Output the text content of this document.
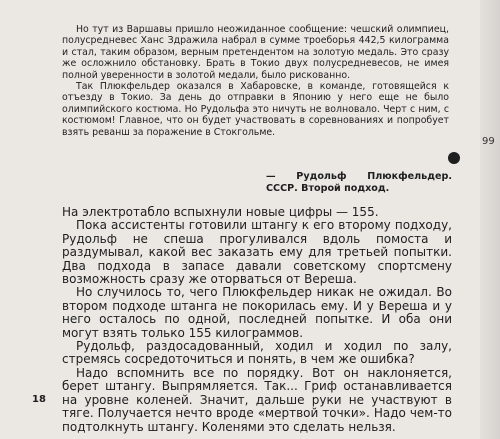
Но тут из Варшавы пришло неожиданное сообщение: чешский олимпиец, полусредневес Ханс Здражила набрал в сумме троеборья 442,5 килограмма и стал, таким образом, верным претендентом на золотую медаль. Это сразу же осложнило обстановку. Брать в Токио двух полусредневесов, не имея полной уверенности в золотой медали, было рискованно.

Так Плюкфельдер оказался в Хабаровске, в команде, готовящейся к отъезду в Токио. За день до отправки в Японию у него еще не было олимпийского костюма. Но Рудольфа это ничуть не волновало. Черт с ним, с костюмом! Главное, что он будет участвовать в соревнованиях и попробует взять реванш за поражение в Стокгольме.

99
— Рудольф Плюкфельдер. СССР. Второй подход.

На электротабло вспыхнули новые цифры — 155.

Пока ассистенты готовили штангу к его второму подходу, Рудольф не спеша прогуливался вдоль помоста и раздумывал, какой вес заказать ему для третьей попытки. Два подхода в запасе давали советскому спортсмену возможность сразу же оторваться от Вереша.

Но случилось то, чего Плюкфельдер никак не ожидал. Во втором подходе штанга не покорилась ему. И у Вереша и у него осталось по одной, последней попытке. И оба они могут взять только 155 килограммов.

Рудольф, раздосадованный, ходил и ходил по залу, стремясь сосредоточиться и понять, в чем же ошибка?

Надо вспомнить все по порядку. Вот он наклоняется, берет штангу. Выпрямляется. Так... Гриф останавливается на уровне коленей. Значит, дальше руки не участвуют в тяге. Получается нечто вроде «мертвой точки». Надо чем-то подтолкнуть штангу. Коленями это сделать нельзя.

18
